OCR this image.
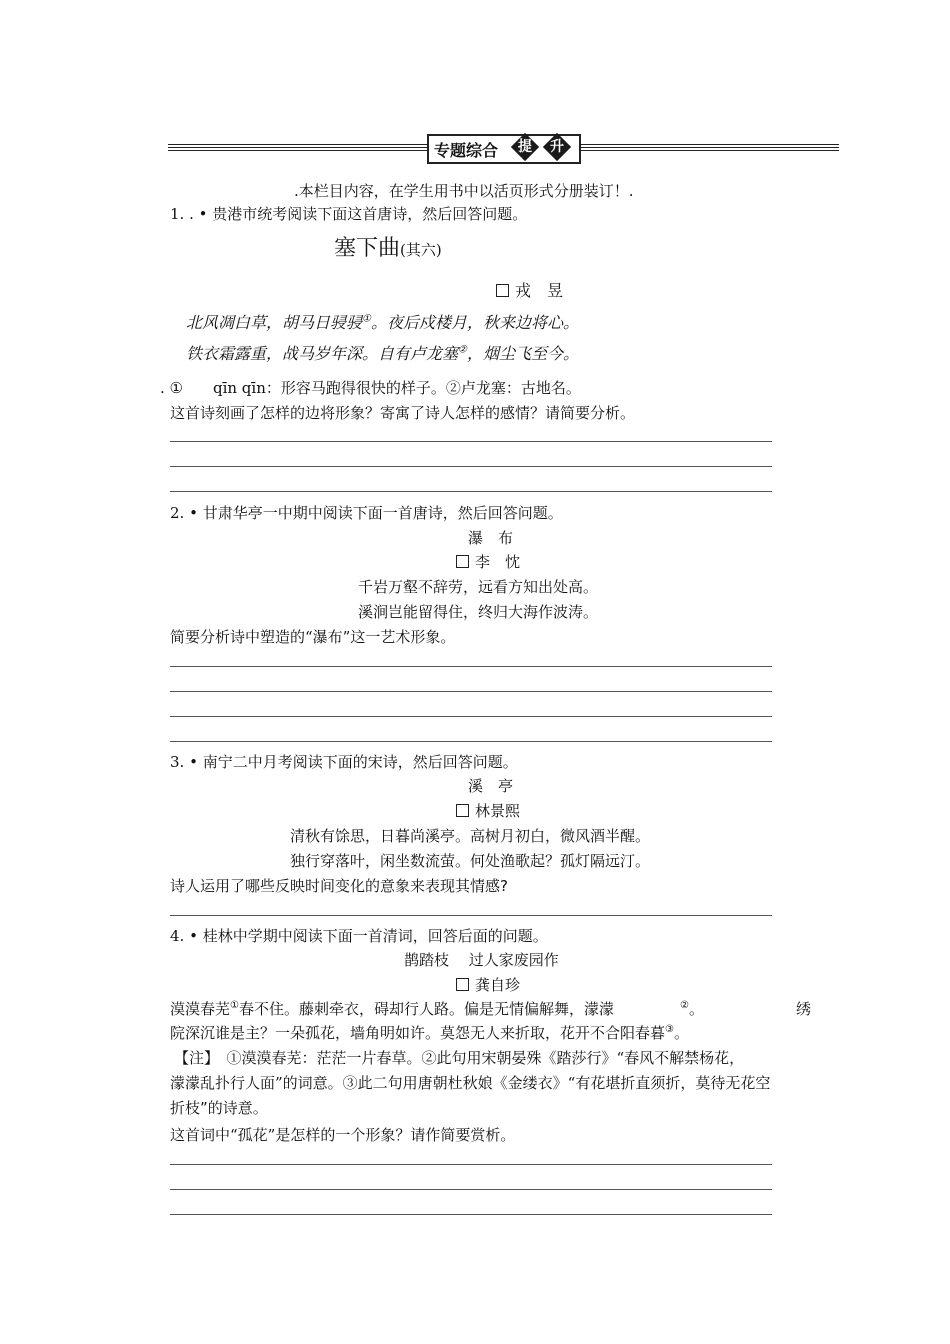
专题综合	提	升
.本栏目内容，在学生用书中以活页形式分册装订！.
1. . • 贵港市统考阅读下面这首唐诗，然后回答问题。
塞下曲(其六)
戎　昱
北风凋白草，胡马日骎骎①。夜后戍楼月，秋来边将心。
铁衣霜露重，战马岁年深。自有卢龙塞②，烟尘飞至今。
. ①　　qīn qīn：形容马跑得很快的样子。②卢龙塞：古地名。
这首诗刻画了怎样的边将形象？寄寓了诗人怎样的感情？请简要分析。
2. • 甘肃华亭一中期中阅读下面一首唐诗，然后回答问题。
瀑　布
李　忱
千岩万壑不辞劳，远看方知出处高。
溪涧岂能留得住，终归大海作波涛。
简要分析诗中塑造的“瀑布”这一艺术形象。
3. • 南宁二中月考阅读下面的宋诗，然后回答问题。
溪　亭
林景熙
清秋有馀思，日暮尚溪亭。高树月初白，微风酒半醒。
独行穿落叶，闲坐数流萤。何处渔歌起？孤灯隔远汀。
诗人运用了哪些反映时间变化的意象来表现其情感?
4. • 桂林中学期中阅读下面一首清词，回答后面的问题。
鹊踏枝　 过人家废园作
龚自珍
漠漠春芜①春不住。藤刺牵衣，碍却行人路。偏是无情偏解舞，濛濛	②。	绣
院深沉谁是主？一朵孤花，墙角明如许。莫怨无人来折取，花开不合阳春暮③。
【注】　①漠漠春芜：茫茫一片春草。②此句用宋朝晏殊《踏莎行》“春风不解禁杨花，
濛濛乱扑行人面”的词意。③此二句用唐朝杜秋娘《金缕衣》“有花堪折直须折，莫待无花空
折枝”的诗意。
这首词中“孤花”是怎样的一个形象？请作简要赏析。
